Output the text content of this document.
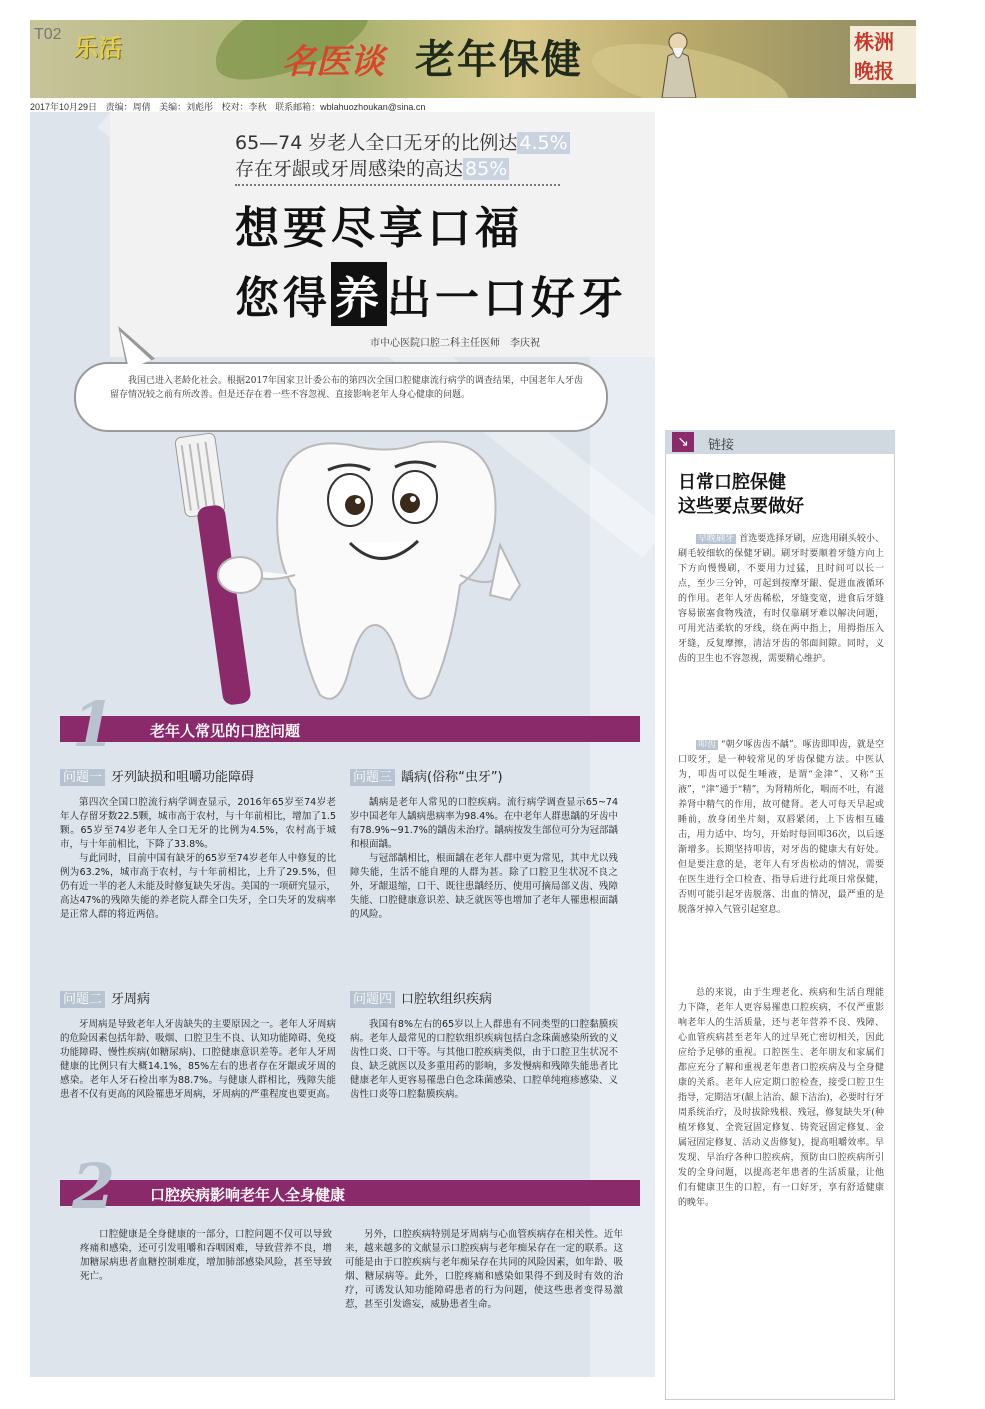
T02 乐活	名医谈 老年保健	株洲晚报
2017年10月29日 责编：周倩 美编：刘彪彤 校对：李秋 联系邮箱：wblahuozhoukan@sina.cn
65—74 岁老人全口无牙的比例达 4.5%
存在牙龈或牙周感染的高达 85%
想要尽享口福
您得养出一口好牙
市中心医院口腔二科主任医师　李庆祝
我国已进入老龄化社会。根据2017年国家卫计委公布的第四次全国口腔健康流行病学的调查结果，中国老年人牙齿留存情况较之前有所改善。但是还存在着一些不容忽视、直接影响老年人身心健康的问题。
1 老年人常见的口腔问题
问题一 牙列缺损和咀嚼功能障碍

第四次全国口腔流行病学调查显示，2016年65岁至74岁老年人存留牙数22.5颗，城市高于农村，与十年前相比，增加了1.5颗。65岁至74岁老年人全口无牙的比例为4.5%，农村高于城市，与十年前相比，下降了33.8%。

与此同时，目前中国有缺牙的65岁至74岁老年人中修复的比例为63.2%，城市高于农村，与十年前相比，上升了29.5%，但仍有近一半的老人未能及时修复缺失牙齿。美国的一项研究显示，高达47%的残障失能的养老院人群全口失牙，全口失牙的发病率是正常人群的将近两倍。

问题二 牙周病

牙周病是导致老年人牙齿缺失的主要原因之一。老年人牙周病的危险因素包括年龄、吸烟、口腔卫生不良、认知功能障碍、免疫功能障碍、慢性疾病(如糖尿病)、口腔健康意识差等。老年人牙周健康的比例只有大概14.1%，85%左右的患者存在牙龈或牙周的感染。老年人牙石检出率为88.7%。与健康人群相比，残障失能患者不仅有更高的风险罹患牙周病，牙周病的严重程度也要更高。

问题三 龋病(俗称“虫牙”)

龋病是老年人常见的口腔疾病。流行病学调查显示65~74岁中国老年人龋病患病率为98.4%。在中老年人群患龋的牙齿中有78.9%~91.7%的龋齿未治疗。龋病按发生部位可分为冠部龋和根面龋。

与冠部龋相比，根面龋在老年人群中更为常见，其中尤以残障失能，生活不能自理的人群为甚。除了口腔卫生状况不良之外，牙龈退缩，口干、既往患龋经历、使用可摘局部义齿、残障失能、口腔健康意识差、缺乏就医等也增加了老年人罹患根面龋的风险。

问题四 口腔软组织疾病

我国有8%左右的65岁以上人群患有不同类型的口腔黏膜疾病。老年人最常见的口腔软组织疾病包括白念珠菌感染所致的义齿性口炎、口干等。与其他口腔疾病类似，由于口腔卫生状况不良、缺乏就医以及多重用药的影响，多发慢病和残障失能患者比健康老年人更容易罹患白色念珠菌感染、口腔单纯疱疹感染、义齿性口炎等口腔黏膜疾病。

2 口腔疾病影响老年人全身健康

口腔健康是全身健康的一部分，口腔问题不仅可以导致疼痛和感染，还可引发咀嚼和吞咽困难，导致营养不良，增加糖尿病患者血糖控制难度，增加肺部感染风险，甚至导致死亡。

另外，口腔疾病特别是牙周病与心血管疾病存在相关性。近年来，越来越多的文献显示口腔疾病与老年痴呆存在一定的联系。这可能是由于口腔疾病与老年痴呆存在共同的风险因素，如年龄、吸烟、糖尿病等。此外，口腔疼痛和感染如果得不到及时有效的治疗，可诱发认知功能障碍患者的行为问题，使这些患者变得易激惹，甚至引发谵妄，威胁患者生命。

↘	链接
日常口腔保健
这些要点要做好

早晚刷牙 首选要选择牙刷，应选用刷头较小、刷毛较细软的保健牙刷。刷牙时要顺着牙缝方向上下方向慢慢刷，不要用力过猛，且时间可以长一点，至少三分钟，可起到按摩牙龈、促进血液循环的作用。老年人牙齿稀松，牙缝变宽，进食后牙缝容易嵌塞食物残渣，有时仅靠刷牙难以解决问题，可用光洁柔软的牙线，绕在两中指上，用拇指压入牙缝，反复摩擦，清洁牙齿的邻面间隙。同时，义齿的卫生也不容忽视，需要精心维护。

叩齿 “朝夕啄齿齿不龋”。啄齿即叩齿，就是空口咬牙，是一种较常见的牙齿保健方法。中医认为，叩齿可以促生唾液，是谓“金津”、又称“玉液”，“津”通于“精”，为肾精所化，咽而不吐，有滋养肾中精气的作用，故可健肾。老人可每天早起或睡前，放身闭坐片刻，双唇紧闭，上下齿相互磕击，用力适中、均匀，开始时每回叩36次，以后逐渐增多。长期坚持叩齿，对牙齿的健康大有好处。但是要注意的是，老年人有牙齿松动的情况，需要在医生进行全口检查、指导后进行此项日常保健，否则可能引起牙齿脱落、出血的情况，最严重的是脱落牙掉入气管引起窒息。

总的来说，由于生理老化、疾病和生活自理能力下降，老年人更容易罹患口腔疾病，不仅严重影响老年人的生活质量，还与老年营养不良、残障、心血管疾病甚至老年人的过早死亡密切相关，因此应给予足够的重视。口腔医生、老年朋友和家属们都应充分了解和重视老年患者口腔疾病及与全身健康的关系。老年人应定期口腔检查，接受口腔卫生指导，定期洁牙(龈上洁治、龈下洁治)，必要时行牙周系统治疗，及时拔除残根、残冠，修复缺失牙(种植牙修复、全瓷冠固定修复、铸瓷冠固定修复、金属冠固定修复、活动义齿修复)，提高咀嚼效率。早发现、早治疗各种口腔疾病，预防由口腔疾病所引发的全身问题，以提高老年患者的生活质量，让他们有健康卫生的口腔，有一口好牙，享有舒适健康的晚年。
